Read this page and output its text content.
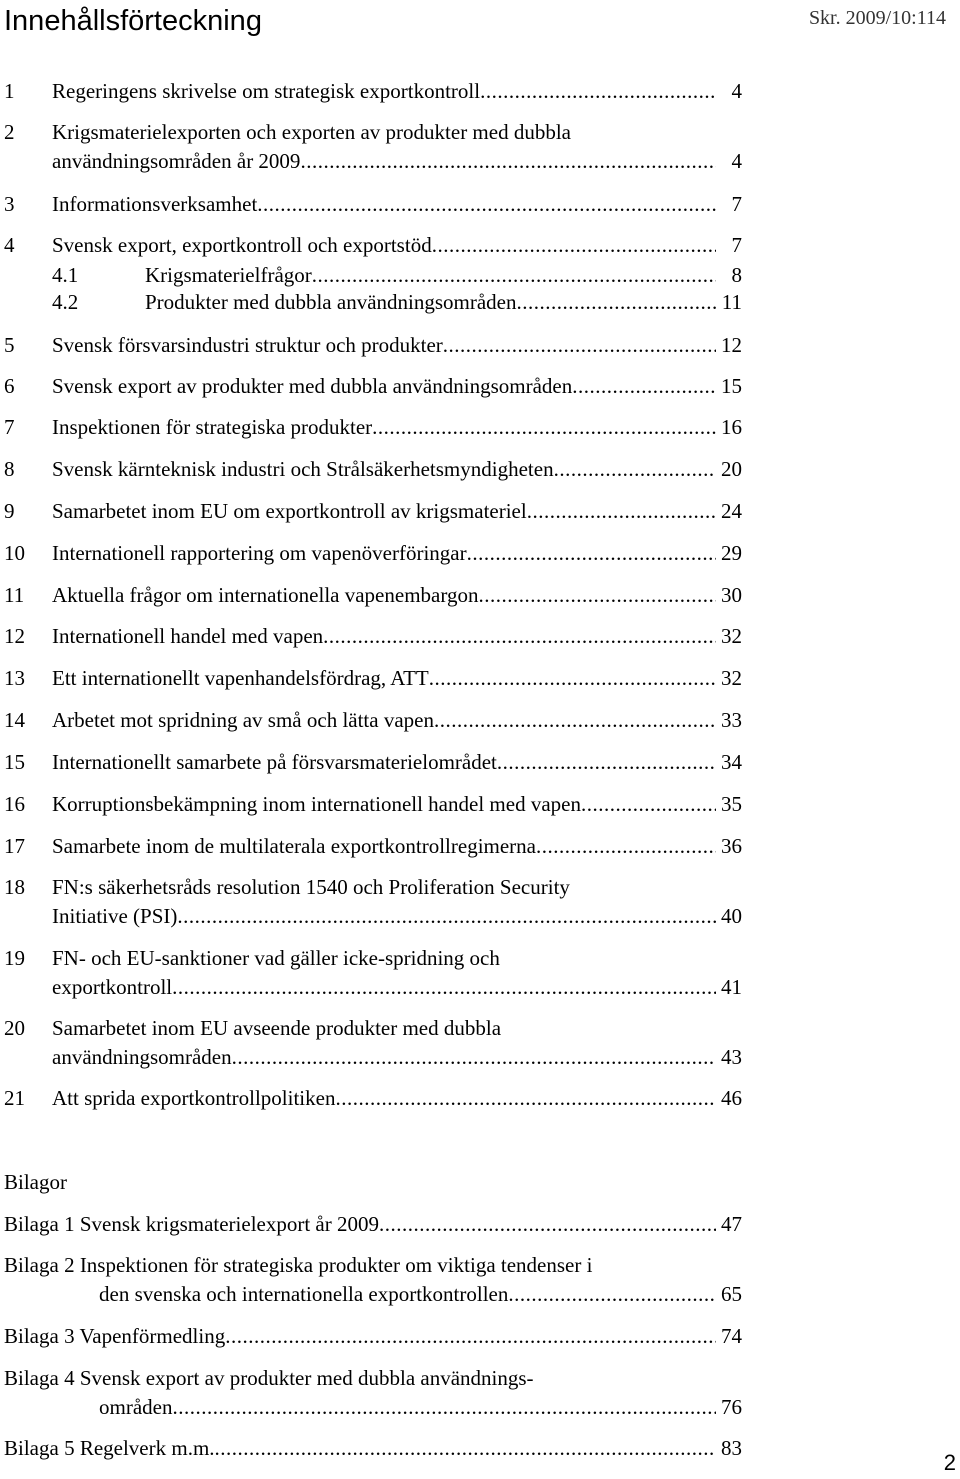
Innehållsförteckning	Skr. 2009/10:114
1 Regeringens skrivelse om strategisk exportkontroll .....	4
2 Krigsmaterielexporten och exporten av produkter med dubbla
användningsområden år 2009 .....	4
3 Informationsverksamhet .....	7
4 Svensk export, exportkontroll och exportstöd .....	7
4.1	Krigsmaterielfrågor .....	8
4.2	Produkter med dubbla användningsområden .....	11
5 Svensk försvarsindustri struktur och produkter .....	12
6 Svensk export av produkter med dubbla användningsområden .....	15
7 Inspektionen för strategiska produkter .....	16
8 Svensk kärnteknisk industri och Strålsäkerhetsmyndigheten .....	20
9 Samarbetet inom EU om exportkontroll av krigsmateriel .....	24
10 Internationell rapportering om vapenöverföringar .....	29
11 Aktuella frågor om internationella vapenembargon .....	30
12 Internationell handel med vapen .....	32
13 Ett internationellt vapenhandelsfördrag, ATT .....	32
14 Arbetet mot spridning av små och lätta vapen .....	33
15 Internationellt samarbete på försvarsmaterielområdet .....	34
16 Korruptionsbekämpning inom internationell handel med vapen .....	35
17 Samarbete inom de multilaterala exportkontrollregimerna .....	36
18 FN:s säkerhetsråds resolution 1540 och Proliferation Security
Initiative (PSI) .....	40
19 FN- och EU-sanktioner vad gäller icke-spridning och
exportkontroll .....	41
20 Samarbetet inom EU avseende produkter med dubbla
användningsområden .....	43
21 Att sprida exportkontrollpolitiken .....	46
Bilagor
Bilaga 1 Svensk krigsmaterielexport år 2009 .....	47
Bilaga 2 Inspektionen för strategiska produkter om viktiga tendenser i
den svenska och internationella exportkontrollen .....	65
Bilaga 3 Vapenförmedling .....	74
Bilaga 4 Svensk export av produkter med dubbla användnings-
områden .....	76
Bilaga 5 Regelverk m.m. .....	83
2
